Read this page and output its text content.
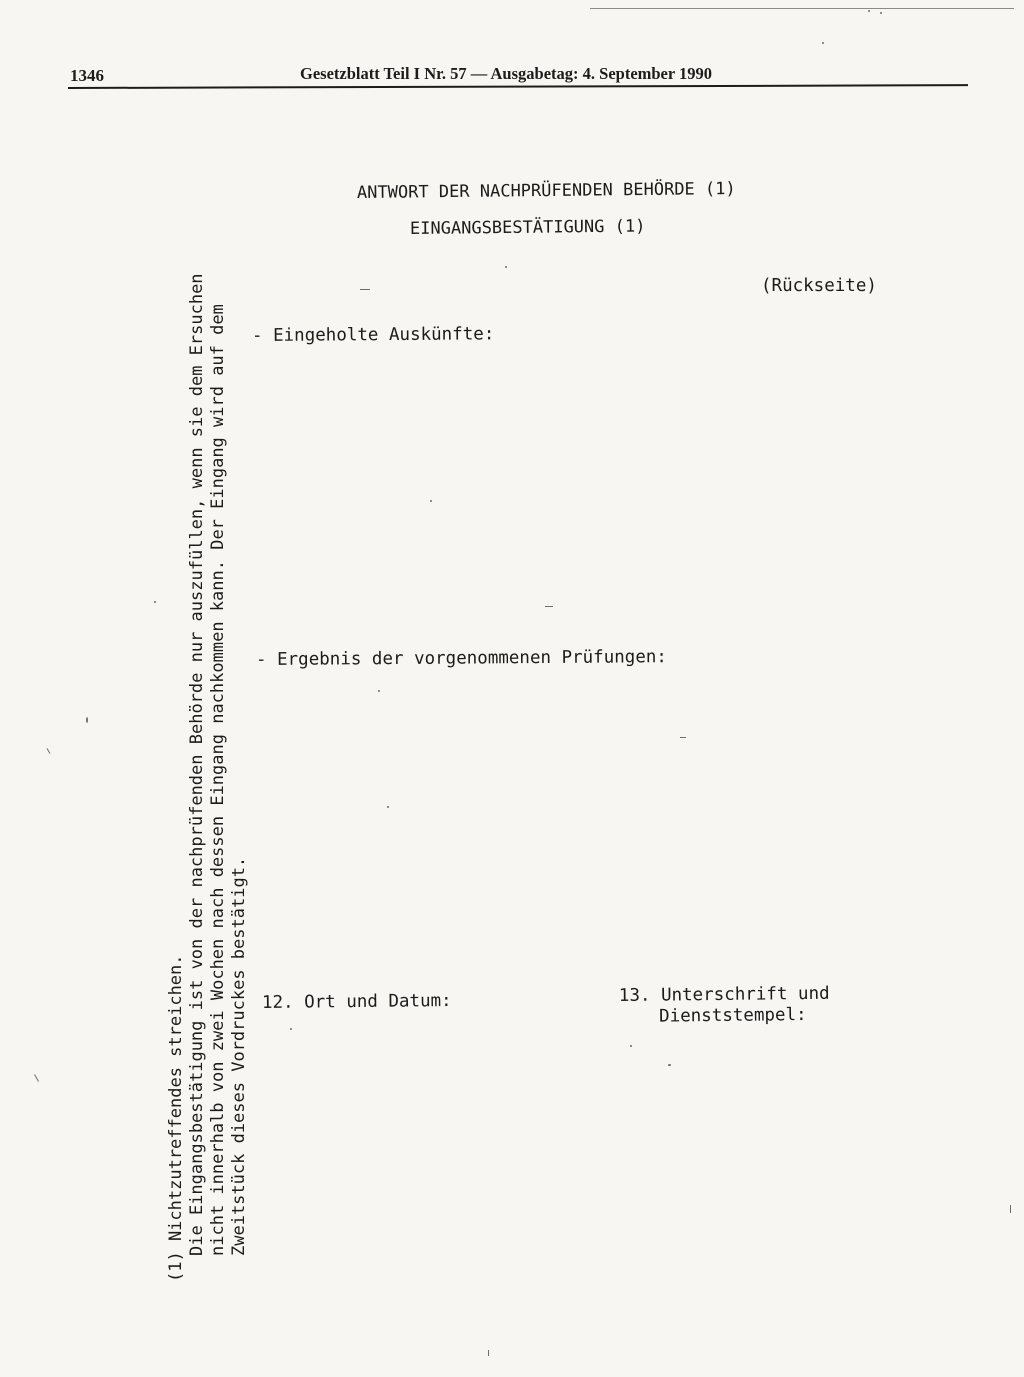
1346	Gesetzblatt Teil I Nr. 57 — Ausgabetag: 4. September 1990
ANTWORT DER NACHPRÜFENDEN BEHÖRDE (1)
EINGANGSBESTÄTIGUNG (1)
(Rückseite)
- Eingeholte Auskünfte:
- Ergebnis der vorgenommenen Prüfungen:
12. Ort und Datum:	13. Unterschrift und
Dienststempel:
(1) Nichtzutreffendes streichen. Die Eingangsbestätigung ist von der nachprüfenden Behörde nur auszufüllen, wenn sie dem Ersuchen nicht innerhalb von zwei Wochen nach dessen Eingang nachkommen kann. Der Eingang wird auf dem Zweitstück dieses Vordruckes bestätigt.
